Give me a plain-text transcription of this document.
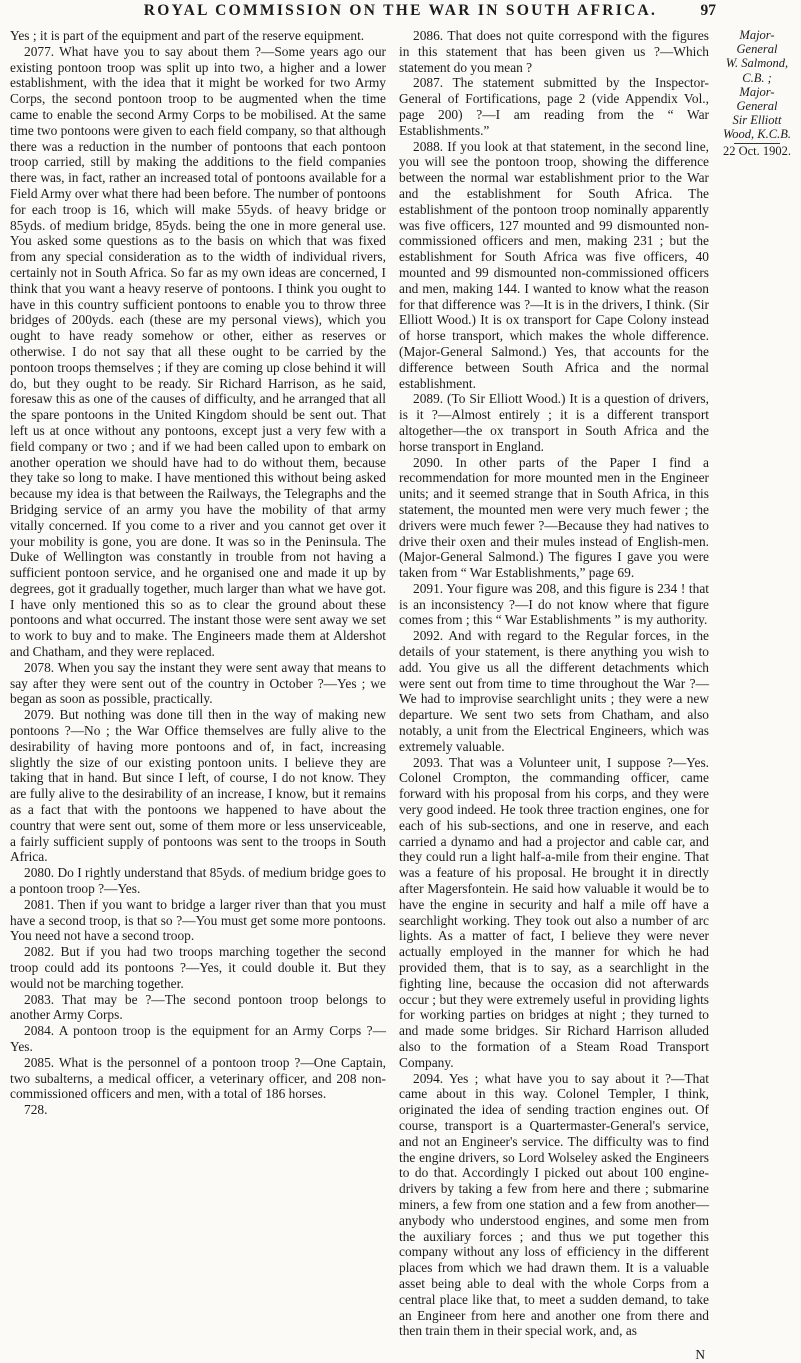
ROYAL COMMISSION ON THE WAR IN SOUTH AFRICA.	97

Yes ; it is part of the equipment and part of the reserve equipment.

2077. What have you to say about them ?—Some years ago our existing pontoon troop was split up into two, a higher and a lower establishment, with the idea that it might be worked for two Army Corps, the second pontoon troop to be augmented when the time came to enable the second Army Corps to be mobilised. At the same time two pontoons were given to each field company, so that although there was a reduction in the number of pontoons that each pontoon troop carried, still by making the additions to the field companies there was, in fact, rather an increased total of pontoons available for a Field Army over what there had been before. The number of pontoons for each troop is 16, which will make 55yds. of heavy bridge or 85yds. of medium bridge, 85yds. being the one in more general use. You asked some questions as to the basis on which that was fixed from any special consideration as to the width of individual rivers, certainly not in South Africa. So far as my own ideas are concerned, I think that you want a heavy reserve of pontoons. I think you ought to have in this country sufficient pontoons to enable you to throw three bridges of 200yds. each (these are my personal views), which you ought to have ready somehow or other, either as reserves or otherwise. I do not say that all these ought to be carried by the pontoon troops themselves ; if they are coming up close behind it will do, but they ought to be ready. Sir Richard Harrison, as he said, foresaw this as one of the causes of difficulty, and he arranged that all the spare pontoons in the United Kingdom should be sent out. That left us at once without any pontoons, except just a very few with a field company or two ; and if we had been called upon to embark on another operation we should have had to do without them, because they take so long to make. I have mentioned this without being asked because my idea is that between the Railways, the Telegraphs and the Bridging service of an army you have the mobility of that army vitally concerned. If you come to a river and you cannot get over it your mobility is gone, you are done. It was so in the Peninsula. The Duke of Wellington was constantly in trouble from not having a sufficient pontoon service, and he organised one and made it up by degrees, got it gradually together, much larger than what we have got. I have only mentioned this so as to clear the ground about these pontoons and what occurred. The instant those were sent away we set to work to buy and to make. The Engineers made them at Aldershot and Chatham, and they were replaced.

2078. When you say the instant they were sent away that means to say after they were sent out of the country in October ?—Yes ; we began as soon as possible, practically.

2079. But nothing was done till then in the way of making new pontoons ?—No ; the War Office themselves are fully alive to the desirability of having more pontoons and of, in fact, increasing slightly the size of our existing pontoon units. I believe they are taking that in hand. But since I left, of course, I do not know. They are fully alive to the desirability of an increase, I know, but it remains as a fact that with the pontoons we happened to have about the country that were sent out, some of them more or less unserviceable, a fairly sufficient supply of pontoons was sent to the troops in South Africa.

2080. Do I rightly understand that 85yds. of medium bridge goes to a pontoon troop ?—Yes.

2081. Then if you want to bridge a larger river than that you must have a second troop, is that so ?—You must get some more pontoons. You need not have a second troop.

2082. But if you had two troops marching together the second troop could add its pontoons ?—Yes, it could double it. But they would not be marching together.

2083. That may be ?—The second pontoon troop belongs to another Army Corps.

2084. A pontoon troop is the equipment for an Army Corps ?—Yes.

2085. What is the personnel of a pontoon troop ?—One Captain, two subalterns, a medical officer, a veterinary officer, and 208 non-commissioned officers and men, with a total of 186 horses.

728.

2086. That does not quite correspond with the figures in this statement that has been given us ?—Which statement do you mean ?

2087. The statement submitted by the Inspector-General of Fortifications, page 2 (vide Appendix Vol., page 200) ?—I am reading from the “ War Establishments.”

2088. If you look at that statement, in the second line, you will see the pontoon troop, showing the difference between the normal war establishment prior to the War and the establishment for South Africa. The establishment of the pontoon troop nominally apparently was five officers, 127 mounted and 99 dismounted non-commissioned officers and men, making 231 ; but the establishment for South Africa was five officers, 40 mounted and 99 dismounted non-commissioned officers and men, making 144. I wanted to know what the reason for that difference was ?—It is in the drivers, I think. (Sir Elliott Wood.) It is ox transport for Cape Colony instead of horse transport, which makes the whole difference. (Major-General Salmond.) Yes, that accounts for the difference between South Africa and the normal establishment.

2089. (To Sir Elliott Wood.) It is a question of drivers, is it ?—Almost entirely ; it is a different transport altogether—the ox transport in South Africa and the horse transport in England.

2090. In other parts of the Paper I find a recommendation for more mounted men in the Engineer units; and it seemed strange that in South Africa, in this statement, the mounted men were very much fewer ; the drivers were much fewer ?—Because they had natives to drive their oxen and their mules instead of English-men. (Major-General Salmond.) The figures I gave you were taken from “ War Establishments,” page 69.

2091. Your figure was 208, and this figure is 234 ! that is an inconsistency ?—I do not know where that figure comes from ; this “ War Establishments ” is my authority.

2092. And with regard to the Regular forces, in the details of your statement, is there anything you wish to add. You give us all the different detachments which were sent out from time to time throughout the War ?—We had to improvise searchlight units ; they were a new departure. We sent two sets from Chatham, and also notably, a unit from the Electrical Engineers, which was extremely valuable.

2093. That was a Volunteer unit, I suppose ?—Yes. Colonel Crompton, the commanding officer, came forward with his proposal from his corps, and they were very good indeed. He took three traction engines, one for each of his sub-sections, and one in reserve, and each carried a dynamo and had a projector and cable car, and they could run a light half-a-mile from their engine. That was a feature of his proposal. He brought it in directly after Magersfontein. He said how valuable it would be to have the engine in security and half a mile off have a searchlight working. They took out also a number of arc lights. As a matter of fact, I believe they were never actually employed in the manner for which he had provided them, that is to say, as a searchlight in the fighting line, because the occasion did not afterwards occur ; but they were extremely useful in providing lights for working parties on bridges at night ; they turned to and made some bridges. Sir Richard Harrison alluded also to the formation of a Steam Road Transport Company.

2094. Yes ; what have you to say about it ?—That came about in this way. Colonel Templer, I think, originated the idea of sending traction engines out. Of course, transport is a Quartermaster-General's service, and not an Engineer's service. The difficulty was to find the engine drivers, so Lord Wolseley asked the Engineers to do that. Accordingly I picked out about 100 engine-drivers by taking a few from here and there ; submarine miners, a few from one station and a few from another—anybody who understood engines, and some men from the auxiliary forces ; and thus we put together this company without any loss of efficiency in the different places from which we had drawn them. It is a valuable asset being able to deal with the whole Corps from a central place like that, to meet a sudden demand, to take an Engineer from here and another one from there and then train them in their special work, and, as

N
Major-
General
W. Salmond,
C.B. ;
Major-
General
Sir Elliott
Wood, K.C.B.
22 Oct. 1902.
